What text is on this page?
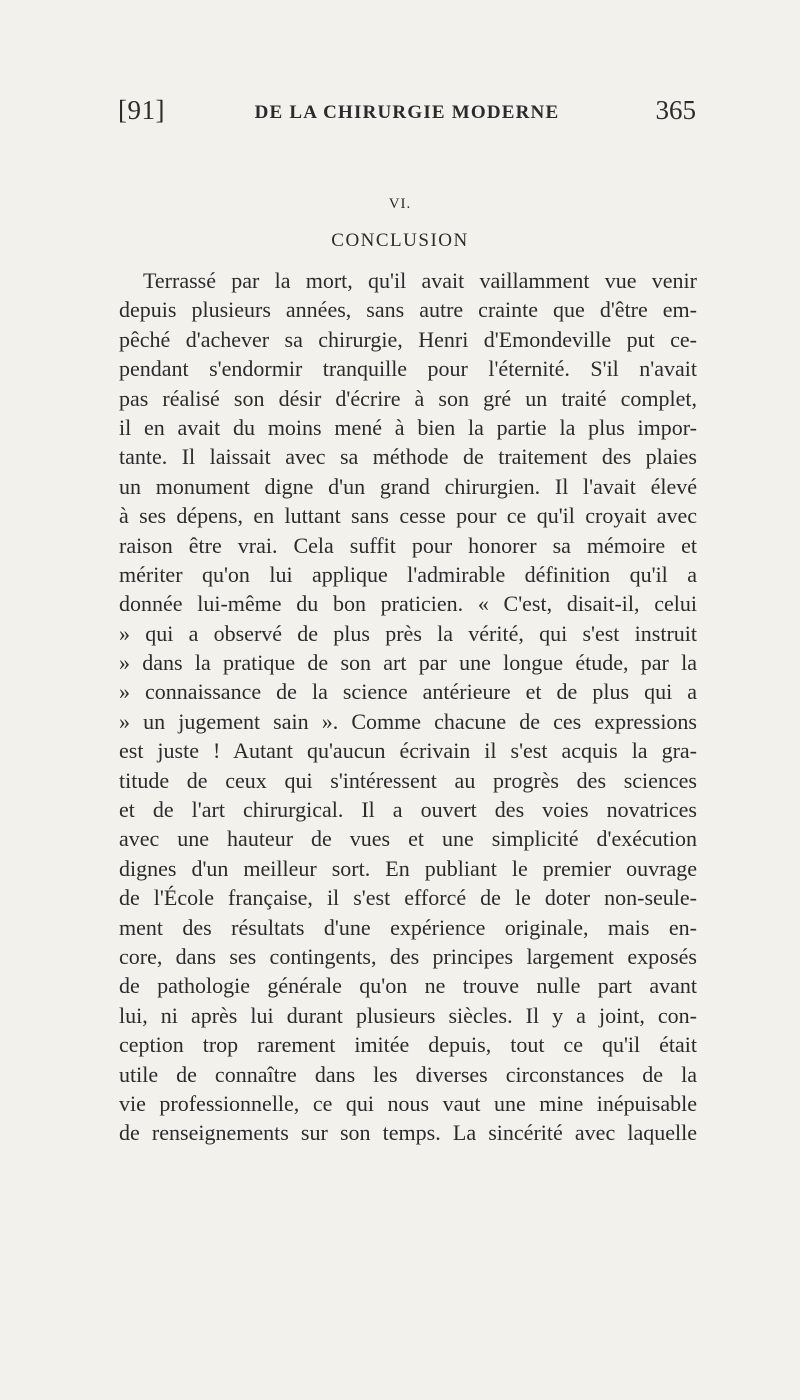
[91]	DE LA CHIRURGIE MODERNE	365
VI.
CONCLUSION
Terrassé par la mort, qu'il avait vaillamment vue venir
depuis plusieurs années, sans autre crainte que d'être em-
pêché d'achever sa chirurgie, Henri d'Emondeville put ce-
pendant s'endormir tranquille pour l'éternité. S'il n'avait
pas réalisé son désir d'écrire à son gré un traité complet,
il en avait du moins mené à bien la partie la plus impor-
tante. Il laissait avec sa méthode de traitement des plaies
un monument digne d'un grand chirurgien. Il l'avait élevé
à ses dépens, en luttant sans cesse pour ce qu'il croyait avec
raison être vrai. Cela suffit pour honorer sa mémoire et
mériter qu'on lui applique l'admirable définition qu'il a
donnée lui-même du bon praticien. « C'est, disait-il, celui
» qui a observé de plus près la vérité, qui s'est instruit
» dans la pratique de son art par une longue étude, par la
» connaissance de la science antérieure et de plus qui a
» un jugement sain ». Comme chacune de ces expressions
est juste ! Autant qu'aucun écrivain il s'est acquis la gra-
titude de ceux qui s'intéressent au progrès des sciences
et de l'art chirurgical. Il a ouvert des voies novatrices
avec une hauteur de vues et une simplicité d'exécution
dignes d'un meilleur sort. En publiant le premier ouvrage
de l'École française, il s'est efforcé de le doter non-seule-
ment des résultats d'une expérience originale, mais en-
core, dans ses contingents, des principes largement exposés
de pathologie générale qu'on ne trouve nulle part avant
lui, ni après lui durant plusieurs siècles. Il y a joint, con-
ception trop rarement imitée depuis, tout ce qu'il était
utile de connaître dans les diverses circonstances de la
vie professionnelle, ce qui nous vaut une mine inépuisable
de renseignements sur son temps. La sincérité avec laquelle
